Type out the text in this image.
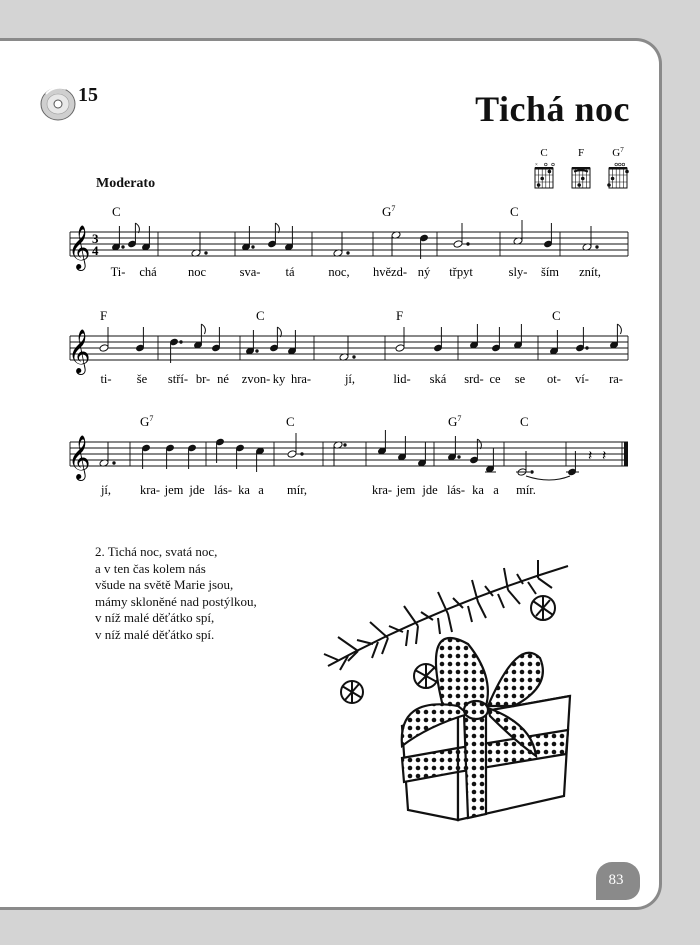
15	Tichá noc
C
×
F	$G^7$
Moderato
C	$G^7$	C
𝄞 3
4
Ti- chá	noc	sva- tá	noc, hvězd- ný třpyt	sly- ším znít,
F	C	F	C
𝄞
ti- še stří- br- né zvon- ky hra-	jí,	lid- ská srd- ce se ot- ví- ra-
$G^7$	C	$G^7$	C
𝄞	𝄽 𝄽
jí, kra- jem jde lás- ka a mír,	kra- jem jde lás- ka a mír.
2. Tichá noc, svatá noc,
a v ten čas kolem nás
všude na světě Marie jsou,
mámy skloněné nad postýlkou,
v níž malé děťátko spí,
v níž malé děťátko spí.
83
